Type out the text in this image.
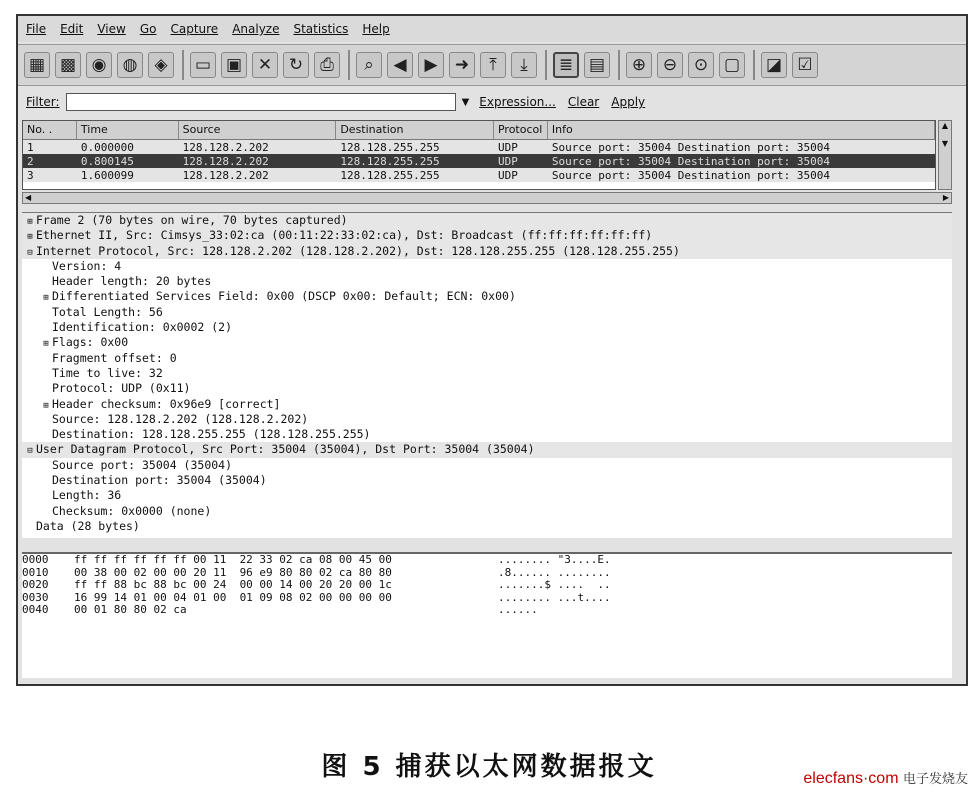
File Edit View Go Capture Analyze Statistics Help
▦ ▩ ◉ ◍	◈	▭ ▣ ✕ ↻	⎙	⌕	◀	▶	➜	⤒	⤓	≣ ▤	⊕ ⊖ ⊙ ▢ ◪ ☑
Filter:	▼ Expression... Clear Apply
No. .	Time	Source	Destination	Protocol Info
1	0.000000	128.128.2.202	128.128.255.255	UDP	Source port: 35004 Destination port: 35004
2	0.800145	128.128.2.202	128.128.255.255	UDP	Source port: 35004 Destination port: 35004
3	1.600099	128.128.2.202	128.128.255.255	UDP	Source port: 35004 Destination port: 35004
▲

▼
◀	▶
⊞ Frame 2 (70 bytes on wire, 70 bytes captured)
⊞ Ethernet II, Src: Cimsys_33:02:ca (00:11:22:33:02:ca), Dst: Broadcast (ff:ff:ff:ff:ff:ff)
⊟ Internet Protocol, Src: 128.128.2.202 (128.128.2.202), Dst: 128.128.255.255 (128.128.255.255)
Version: 4
Header length: 20 bytes
⊞ Differentiated Services Field: 0x00 (DSCP 0x00: Default; ECN: 0x00)
Total Length: 56
Identification: 0x0002 (2)
⊞ Flags: 0x00
Fragment offset: 0
Time to live: 32
Protocol: UDP (0x11)
⊞ Header checksum: 0x96e9 [correct]
Source: 128.128.2.202 (128.128.2.202)
Destination: 128.128.255.255 (128.128.255.255)
⊟ User Datagram Protocol, Src Port: 35004 (35004), Dst Port: 35004 (35004)
Source port: 35004 (35004)
Destination port: 35004 (35004)
Length: 36
Checksum: 0x0000 (none)
Data (28 bytes)
0000	ff ff ff ff ff ff 00 11  22 33 02 ca 08 00 45 00	........ "3....E.
0010	00 38 00 02 00 00 20 11  96 e9 80 80 02 ca 80 80	.8...... ........
0020	ff ff 88 bc 88 bc 00 24  00 00 14 00 20 20 00 1c	.......$ ....  ..
0030	16 99 14 01 00 04 01 00  01 09 08 02 00 00 00 00	........ ...t....
0040	00 01 80 80 02 ca	......
图 5 捕获以太网数据报文	elecfans·com 电子发烧友
